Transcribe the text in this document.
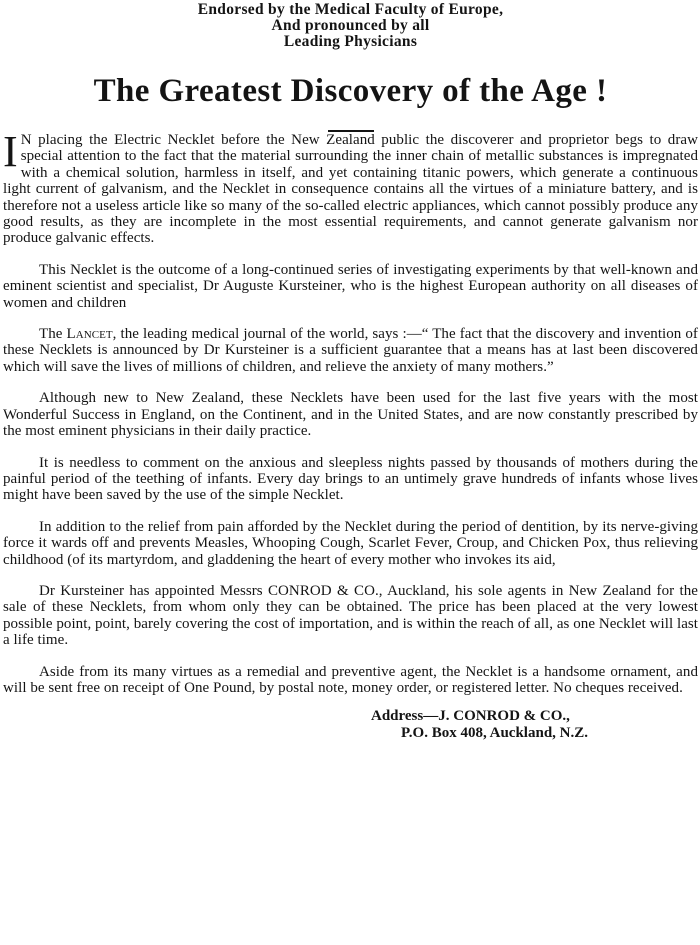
Endorsed by the Medical Faculty of Europe,
And pronounced by all
Leading Physicians
The Greatest Discovery of the Age !

I N placing the Electric Necklet before the New Zealand public the discoverer and proprietor begs to draw special attention to the fact that the material surrounding the inner chain of metallic substances is impregnated with a chemical solution, harmless in itself, and yet containing titanic powers, which generate a continuous light current of galvanism, and the Necklet in consequence contains all the virtues of a miniature battery, and is therefore not a useless article like so many of the so-called electric appliances, which cannot possibly produce any good results, as they are incomplete in the most essential requirements, and cannot generate galvanism nor produce galvanic effects.

This Necklet is the outcome of a long-continued series of investigating experiments by that well-known and eminent scientist and specialist, Dr Auguste Kursteiner, who is the highest European authority on all diseases of women and children

The Lancet, the leading medical journal of the world, says :—“ The fact that the discovery and invention of these Necklets is announced by Dr Kursteiner is a sufficient guarantee that a means has at last been discovered which will save the lives of millions of children, and relieve the anxiety of many mothers.”

Although new to New Zealand, these Necklets have been used for the last five years with the most Wonderful Success in England, on the Continent, and in the United States, and are now constantly prescribed by the most eminent physicians in their daily practice.

It is needless to comment on the anxious and sleepless nights passed by thousands of mothers during the painful period of the teething of infants. Every day brings to an untimely grave hundreds of infants whose lives might have been saved by the use of the simple Necklet.

In addition to the relief from pain afforded by the Necklet during the period of dentition, by its nerve-giving force it wards off and prevents Measles, Whooping Cough, Scarlet Fever, Croup, and Chicken Pox, thus relieving childhood (of its martyrdom, and gladdening the heart of every mother who invokes its aid,

Dr Kursteiner has appointed Messrs CONROD & CO., Auckland, his sole agents in New Zealand for the sale of these Necklets, from whom only they can be obtained. The price has been placed at the very lowest possible point, point, barely covering the cost of importation, and is within the reach of all, as one Necklet will last a life time.

Aside from its many virtues as a remedial and preventive agent, the Necklet is a handsome ornament, and will be sent free on receipt of One Pound, by postal note, money order, or registered letter. No cheques received.

Address—J. CONROD & CO.,
P.O. Box 408, Auckland, N.Z.
